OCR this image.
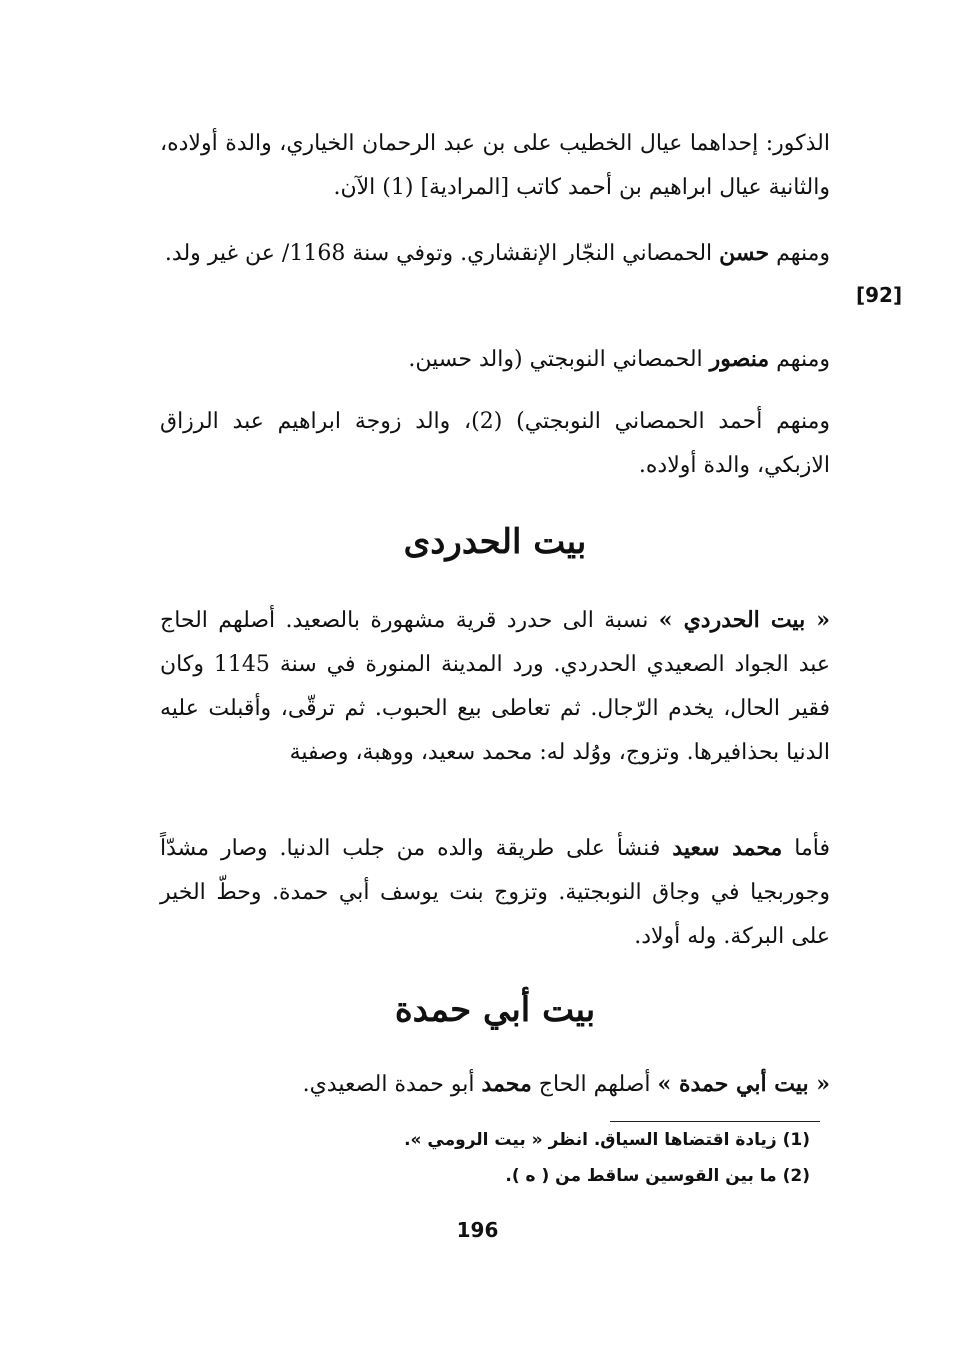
الذكور: إحداهما عيال الخطيب على بن عبد الرحمان الخياري، والدة أولاده، والثانية عيال ابراهيم بن أحمد كاتب [المرادية] (1) الآن.
ومنهم حسن الحمصاني النجّار الإنقشاري. وتوفي سنة 1168/ عن غير ولد.
[92]
ومنهم منصور الحمصاني النوبجتي (والد حسين.
ومنهم أحمد الحمصاني النوبجتي) (2)، والد زوجة ابراهيم عبد الرزاق الازبكي، والدة أولاده.
بيت الحدردى
« بيت الحدردي » نسبة الى حدرد قرية مشهورة بالصعيد. أصلهم الحاج عبد الجواد الصعيدي الحدردي. ورد المدينة المنورة في سنة 1145 وكان فقير الحال، يخدم الرّجال. ثم تعاطى بيع الحبوب. ثم ترقّى، وأقبلت عليه الدنيا بحذافيرها. وتزوج، ووُلد له: محمد سعيد، ووهبة، وصفية
فأما محمد سعيد فنشأ على طريقة والده من جلب الدنيا. وصار مشدّاً وجوربجيا في وجاق النوبجتية. وتزوج بنت يوسف أبي حمدة. وحطّ الخير على البركة. وله أولاد.
بيت أبي حمدة
« بيت أبي حمدة » أصلهم الحاج محمد أبو حمدة الصعيدي.
(1) زيادة اقتضاها السياق. انظر « بيت الرومي ».
(2) ما بين القوسين ساقط من ( ه ).
196
